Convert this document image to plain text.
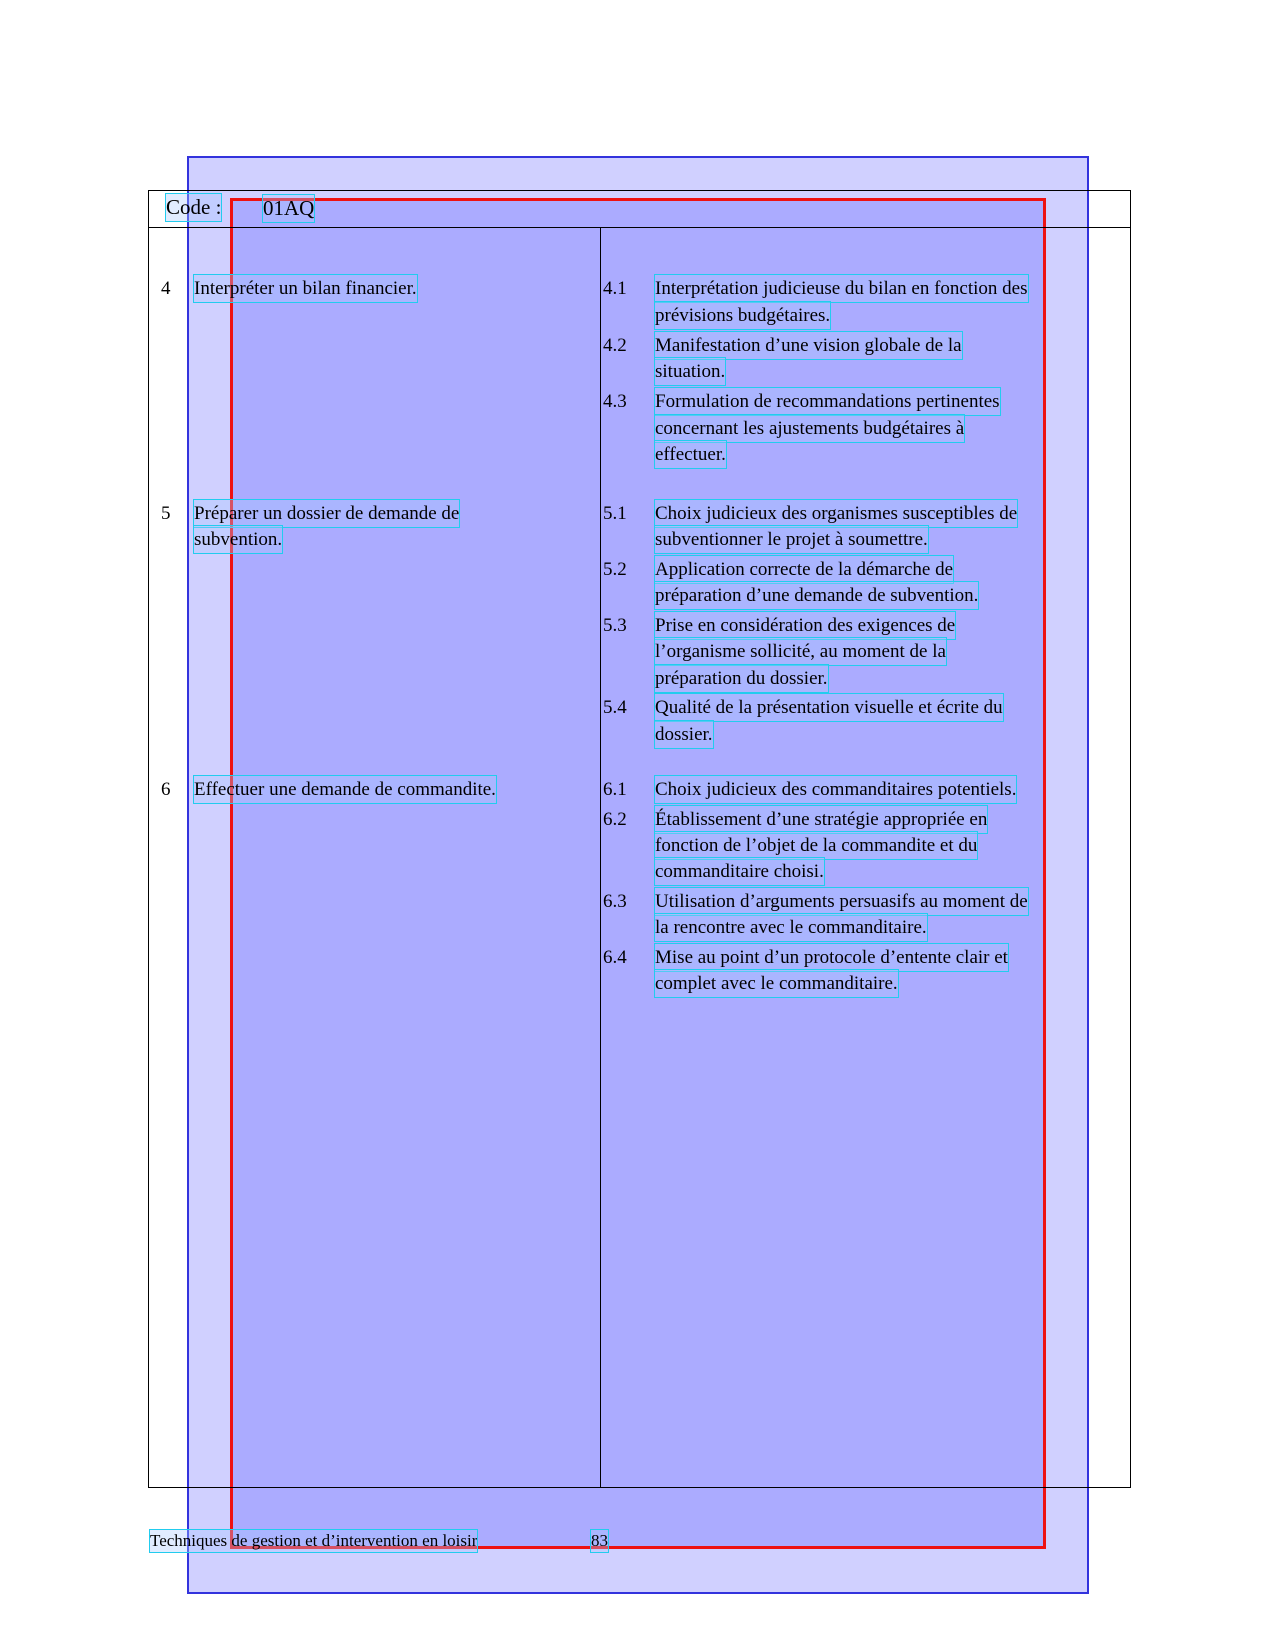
Code : 01AQ
4	Interpréter un bilan financier.	4.1	Interprétation judicieuse du bilan en fonction des
prévisions budgétaires.
4.2	Manifestation d’une vision globale de la
situation.
4.3	Formulation de recommandations pertinentes
concernant les ajustements budgétaires à
effectuer.
5	Préparer un dossier de demande de
subvention.
5.1	Choix judicieux des organismes susceptibles de
subventionner le projet à soumettre.
5.2	Application correcte de la démarche de
préparation d’une demande de subvention.
5.3	Prise en considération des exigences de
l’organisme sollicité, au moment de la
préparation du dossier.
5.4	Qualité de la présentation visuelle et écrite du
dossier.
6	Effectuer une demande de commandite.	6.1	Choix judicieux des commanditaires potentiels.
6.2	Établissement d’une stratégie appropriée en
fonction de l’objet de la commandite et du
commanditaire choisi.
6.3	Utilisation d’arguments persuasifs au moment de
la rencontre avec le commanditaire.
6.4	Mise au point d’un protocole d’entente clair et
complet avec le commanditaire.
Techniques de gestion et d’intervention en loisir	83
